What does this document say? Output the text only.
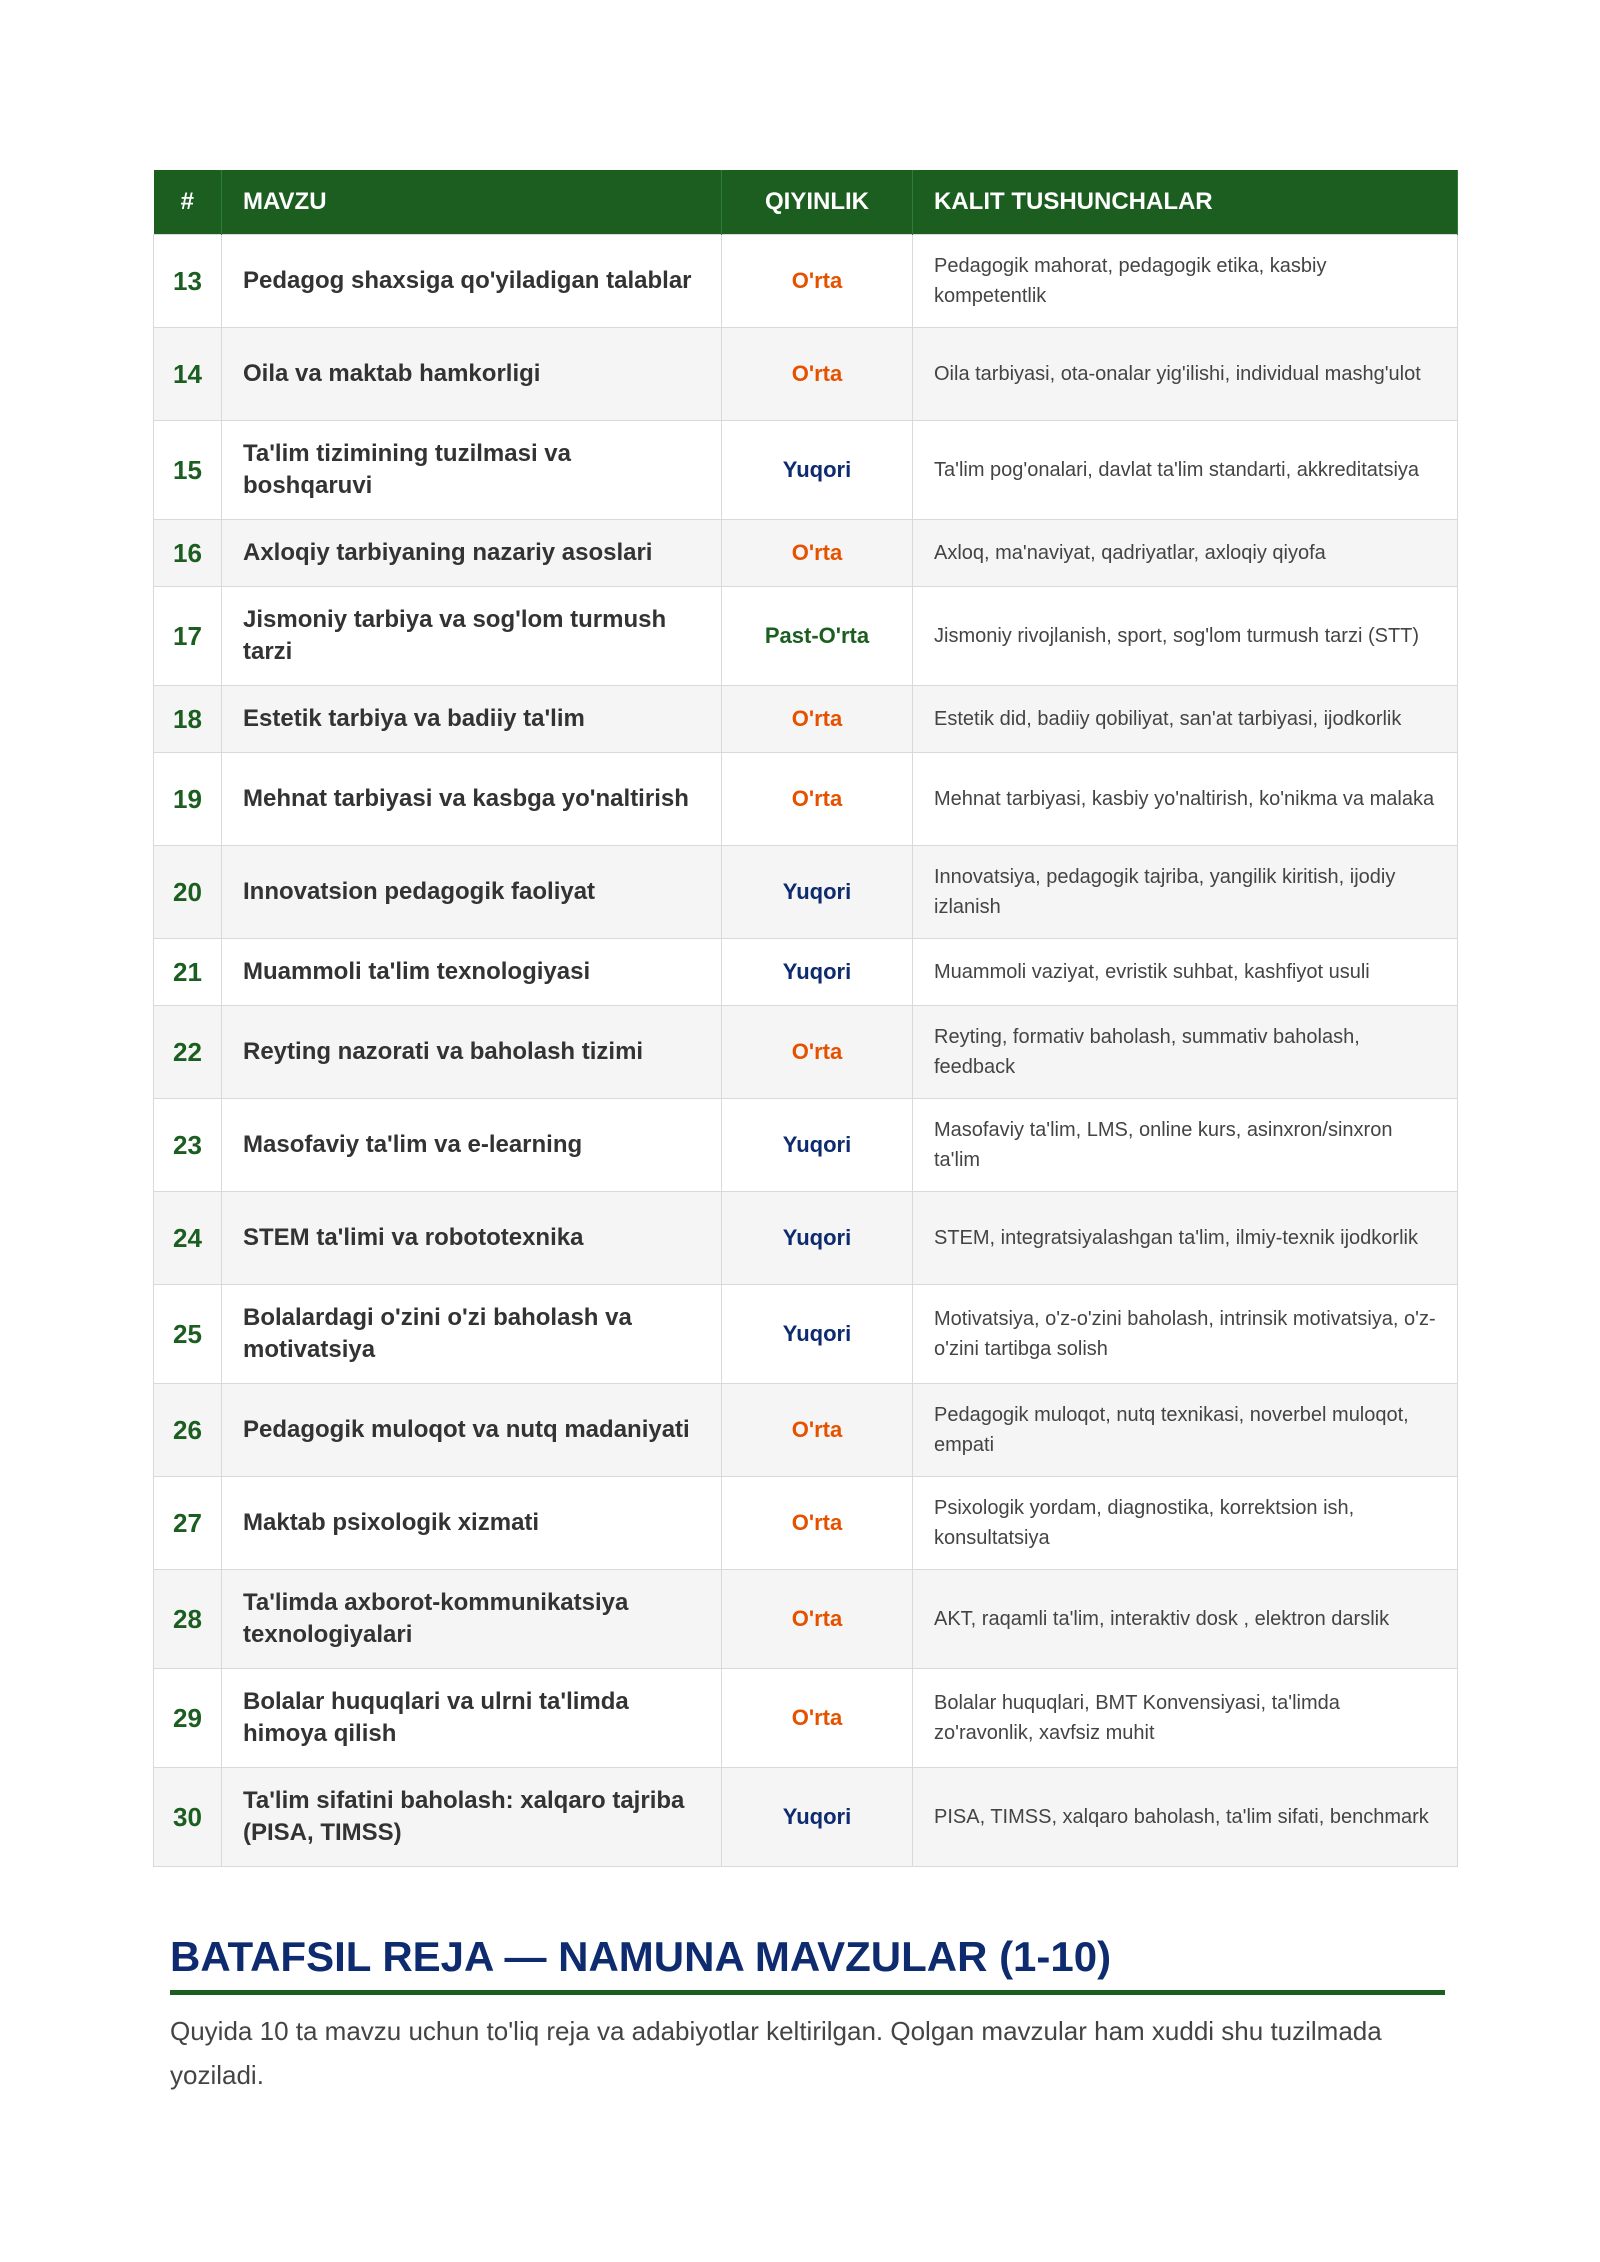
#	MAVZU	QIYINLIK	KALIT TUSHUNCHALAR
13	Pedagog shaxsiga qo'yiladigan talablar	O'rta	Pedagogik mahorat, pedagogik etika, kasbiy kompetentlik
14	Oila va maktab hamkorligi	O'rta	Oila tarbiyasi, ota-onalar yig'ilishi, individual mashg'ulot
15	Ta'lim tizimining tuzilmasi va boshqaruvi	Yuqori	Ta'lim pog'onalari, davlat ta'lim standarti, akkreditatsiya
16	Axloqiy tarbiyaning nazariy asoslari	O'rta	Axloq, ma'naviyat, qadriyatlar, axloqiy qiyofa
17	Jismoniy tarbiya va sog'lom turmush tarzi	Past-O'rta	Jismoniy rivojlanish, sport, sog'lom turmush tarzi (STT)
18	Estetik tarbiya va badiiy ta'lim	O'rta	Estetik did, badiiy qobiliyat, san'at tarbiyasi, ijodkorlik
19	Mehnat tarbiyasi va kasbga yo'naltirish	O'rta	Mehnat tarbiyasi, kasbiy yo'naltirish, ko'nikma va malaka
20	Innovatsion pedagogik faoliyat	Yuqori	Innovatsiya, pedagogik tajriba, yangilik kiritish, ijodiy izlanish
21	Muammoli ta'lim texnologiyasi	Yuqori	Muammoli vaziyat, evristik suhbat, kashfiyot usuli
22	Reyting nazorati va baholash tizimi	O'rta	Reyting, formativ baholash, summativ baholash, feedback
23	Masofaviy ta'lim va e-learning	Yuqori	Masofaviy ta'lim, LMS, online kurs, asinxron/sinxron ta'lim
24	STEM ta'limi va robototexnika	Yuqori	STEM, integratsiyalashgan ta'lim, ilmiy-texnik ijodkorlik
25	Bolalardagi o'zini o'zi baholash va motivatsiya	Yuqori	Motivatsiya, o'z-o'zini baholash, intrinsik motivatsiya, o'z-o'zini tartibga solish
26	Pedagogik muloqot va nutq madaniyati	O'rta	Pedagogik muloqot, nutq texnikasi, noverbel muloqot, empati
27	Maktab psixologik xizmati	O'rta	Psixologik yordam, diagnostika, korrektsion ish, konsultatsiya
28	Ta'limda axborot-kommunikatsiya texnologiyalari	O'rta	AKT, raqamli ta'lim, interaktiv dosk , elektron darslik
29	Bolalar huquqlari va ulrni ta'limda himoya qilish	O'rta	Bolalar huquqlari, BMT Konvensiyasi, ta'limda zo'ravonlik, xavfsiz muhit
30	Ta'lim sifatini baholash: xalqaro tajriba (PISA, TIMSS)	Yuqori	PISA, TIMSS, xalqaro baholash, ta'lim sifati, benchmark
BATAFSIL REJA — NAMUNA MAVZULAR (1-10)

Quyida 10 ta mavzu uchun to'liq reja va adabiyotlar keltirilgan. Qolgan mavzular ham xuddi shu tuzilmada yoziladi.
